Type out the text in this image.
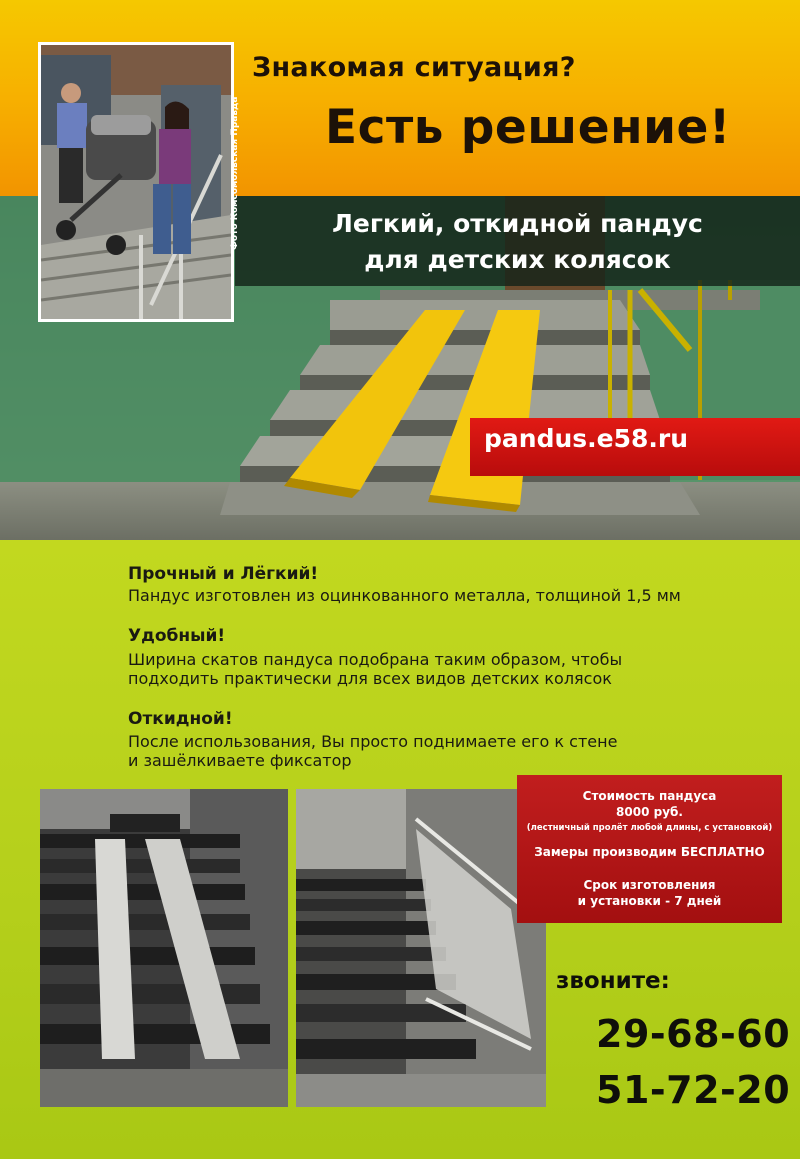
Знакомая ситуация?
Есть решение!
Легкий, откидной пандус
для детских колясок
Фото Комсомольская Правда
pandus.e58.ru
Прочный и Лёгкий!
Пандус изготовлен из оцинкованного металла, толщиной 1,5 мм
Удобный!
Ширина скатов пандуса подобрана таким образом, чтобы
подходить практически для всех видов детских колясок
Откидной!
После использования, Вы просто поднимаете его к стене
и зашёлкиваете фиксатор
Стоимость пандуса
8000 руб.
(лестничный пролёт любой длины, с установкой)
Замеры производим БЕСПЛАТНО
Срок изготовления
и установки - 7 дней
звоните:
29-68-60
51-72-20
